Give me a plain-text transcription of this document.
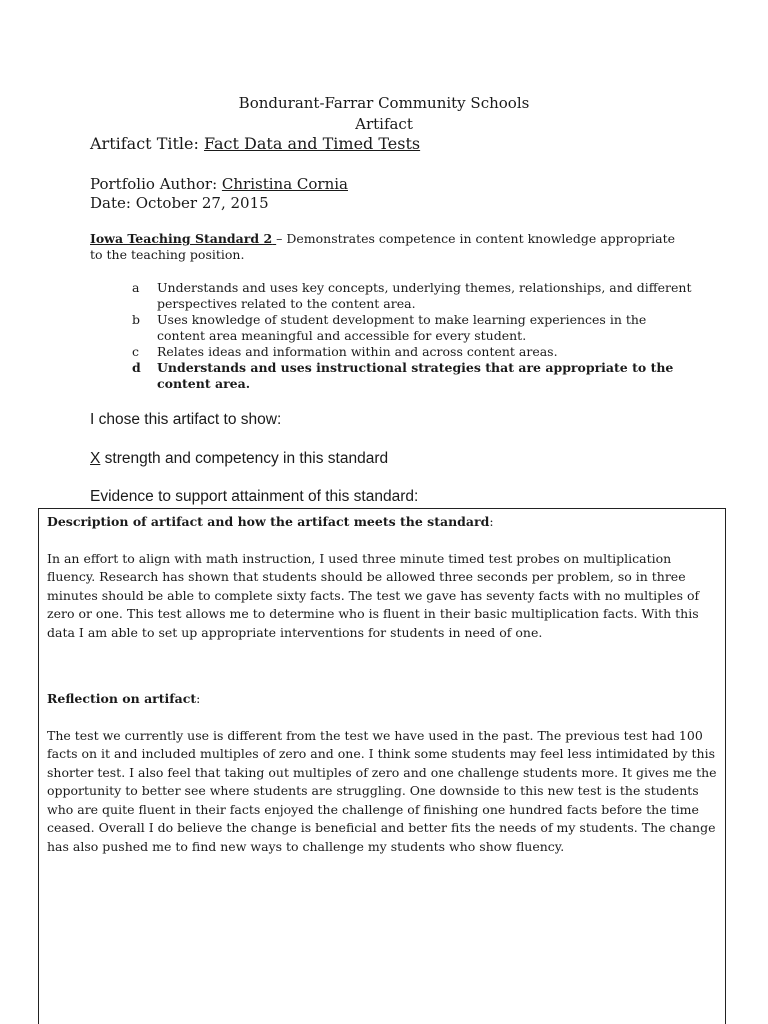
Bondurant-Farrar Community Schools
Artifact
Artifact Title: Fact Data and Timed Tests
Portfolio Author: Christina Cornia
Date: October 27, 2015
Iowa Teaching Standard 2 – Demonstrates competence in content knowledge appropriate to the teaching position.
a	Understands and uses key concepts, underlying themes, relationships, and different perspectives related to the content area.
b	Uses knowledge of student development to make learning experiences in the content area meaningful and accessible for every student.
c	Relates ideas and information within and across content areas.
d	Understands and uses instructional strategies that are appropriate to the content area.
I chose this artifact to show:
X strength and competency in this standard
Evidence to support attainment of this standard:

Description of artifact and how the artifact meets the standard:

In an effort to align with math instruction, I used three minute timed test probes on multiplication fluency. Research has shown that students should be allowed three seconds per problem, so in three minutes should be able to complete sixty facts. The test we gave has seventy facts with no multiples of zero or one. This test allows me to determine who is fluent in their basic multiplication facts. With this data I am able to set up appropriate interventions for students in need of one.

Reflection on artifact:

The test we currently use is different from the test we have used in the past. The previous test had 100 facts on it and included multiples of zero and one. I think some students may feel less intimidated by this shorter test. I also feel that taking out multiples of zero and one challenge students more. It gives me the opportunity to better see where students are struggling. One downside to this new test is the students who are quite fluent in their facts enjoyed the challenge of finishing one hundred facts before the time ceased. Overall I do believe the change is beneficial and better fits the needs of my students. The change has also pushed me to find new ways to challenge my students who show fluency.
